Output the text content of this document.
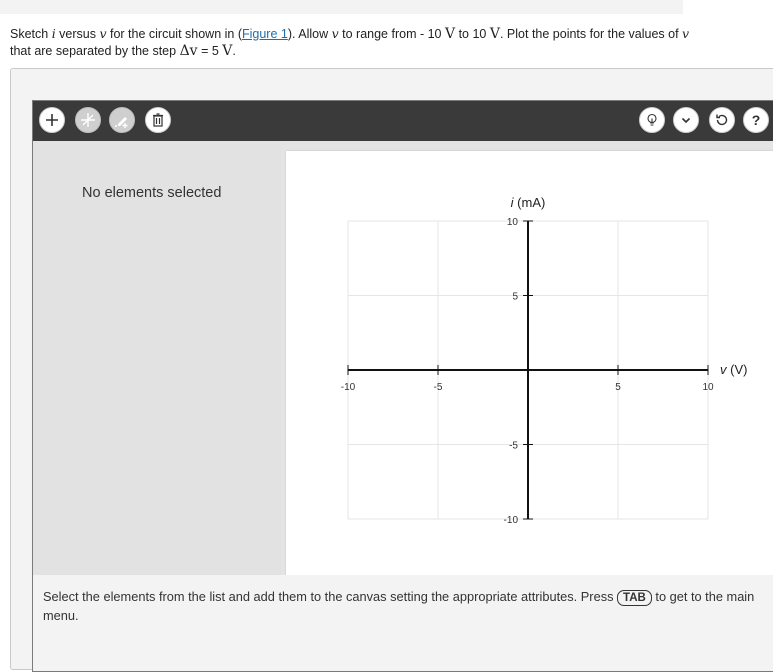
Sketch i versus v for the circuit shown in (Figure 1). Allow v to range from - 10 V to 10 V. Plot the points for the values of v that are separated by the step Δv = 5 V.
?
No elements selected
-10	-5	5	10
10
5
-5
-10
i (mA)
v (V)
Select the elements from the list and add them to the canvas setting the appropriate attributes. Press TAB to get to the main menu.
